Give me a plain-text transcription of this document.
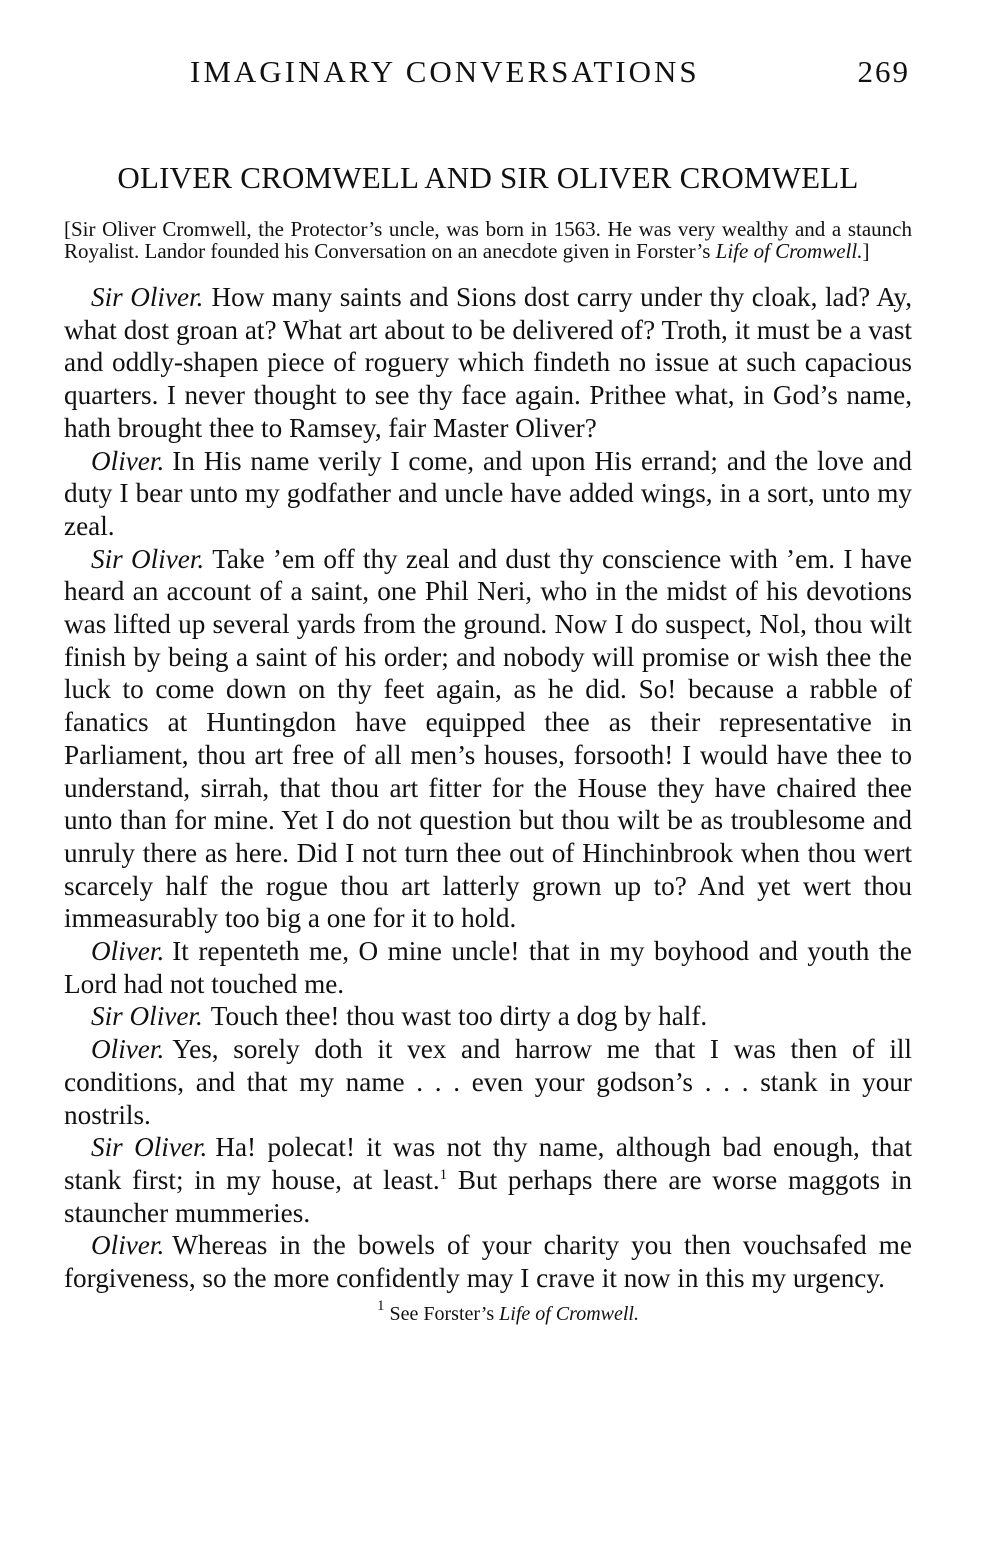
IMAGINARY CONVERSATIONS	269
OLIVER CROMWELL AND SIR OLIVER CROMWELL
[Sir Oliver Cromwell, the Protector’s uncle, was born in 1563. He was very wealthy and a staunch Royalist. Landor founded his Conversation on an anecdote given in Forster’s Life of Cromwell.]

Sir Oliver. How many saints and Sions dost carry under thy cloak, lad? Ay, what dost groan at? What art about to be delivered of? Troth, it must be a vast and oddly-shapen piece of roguery which findeth no issue at such capacious quarters. I never thought to see thy face again. Prithee what, in God’s name, hath brought thee to Ramsey, fair Master Oliver?

Oliver. In His name verily I come, and upon His errand; and the love and duty I bear unto my godfather and uncle have added wings, in a sort, unto my zeal.

Sir Oliver. Take ’em off thy zeal and dust thy conscience with ’em. I have heard an account of a saint, one Phil Neri, who in the midst of his devotions was lifted up several yards from the ground. Now I do suspect, Nol, thou wilt finish by being a saint of his order; and nobody will promise or wish thee the luck to come down on thy feet again, as he did. So! because a rabble of fanatics at Huntingdon have equipped thee as their representative in Parliament, thou art free of all men’s houses, forsooth! I would have thee to understand, sirrah, that thou art fitter for the House they have chaired thee unto than for mine. Yet I do not question but thou wilt be as troublesome and unruly there as here. Did I not turn thee out of Hinchinbrook when thou wert scarcely half the rogue thou art latterly grown up to? And yet wert thou immeasurably too big a one for it to hold.

Oliver. It repenteth me, O mine uncle! that in my boyhood and youth the Lord had not touched me.

Sir Oliver. Touch thee! thou wast too dirty a dog by half.

Oliver. Yes, sorely doth it vex and harrow me that I was then of ill conditions, and that my name . . . even your godson’s . . . stank in your nostrils.

Sir Oliver. Ha! polecat! it was not thy name, although bad enough, that stank first; in my house, at least.$^1$ But perhaps there are worse maggots in stauncher mummeries.

Oliver. Whereas in the bowels of your charity you then vouchsafed me forgiveness, so the more confidently may I crave it now in this my urgency.

$^1$ See Forster’s Life of Cromwell.
